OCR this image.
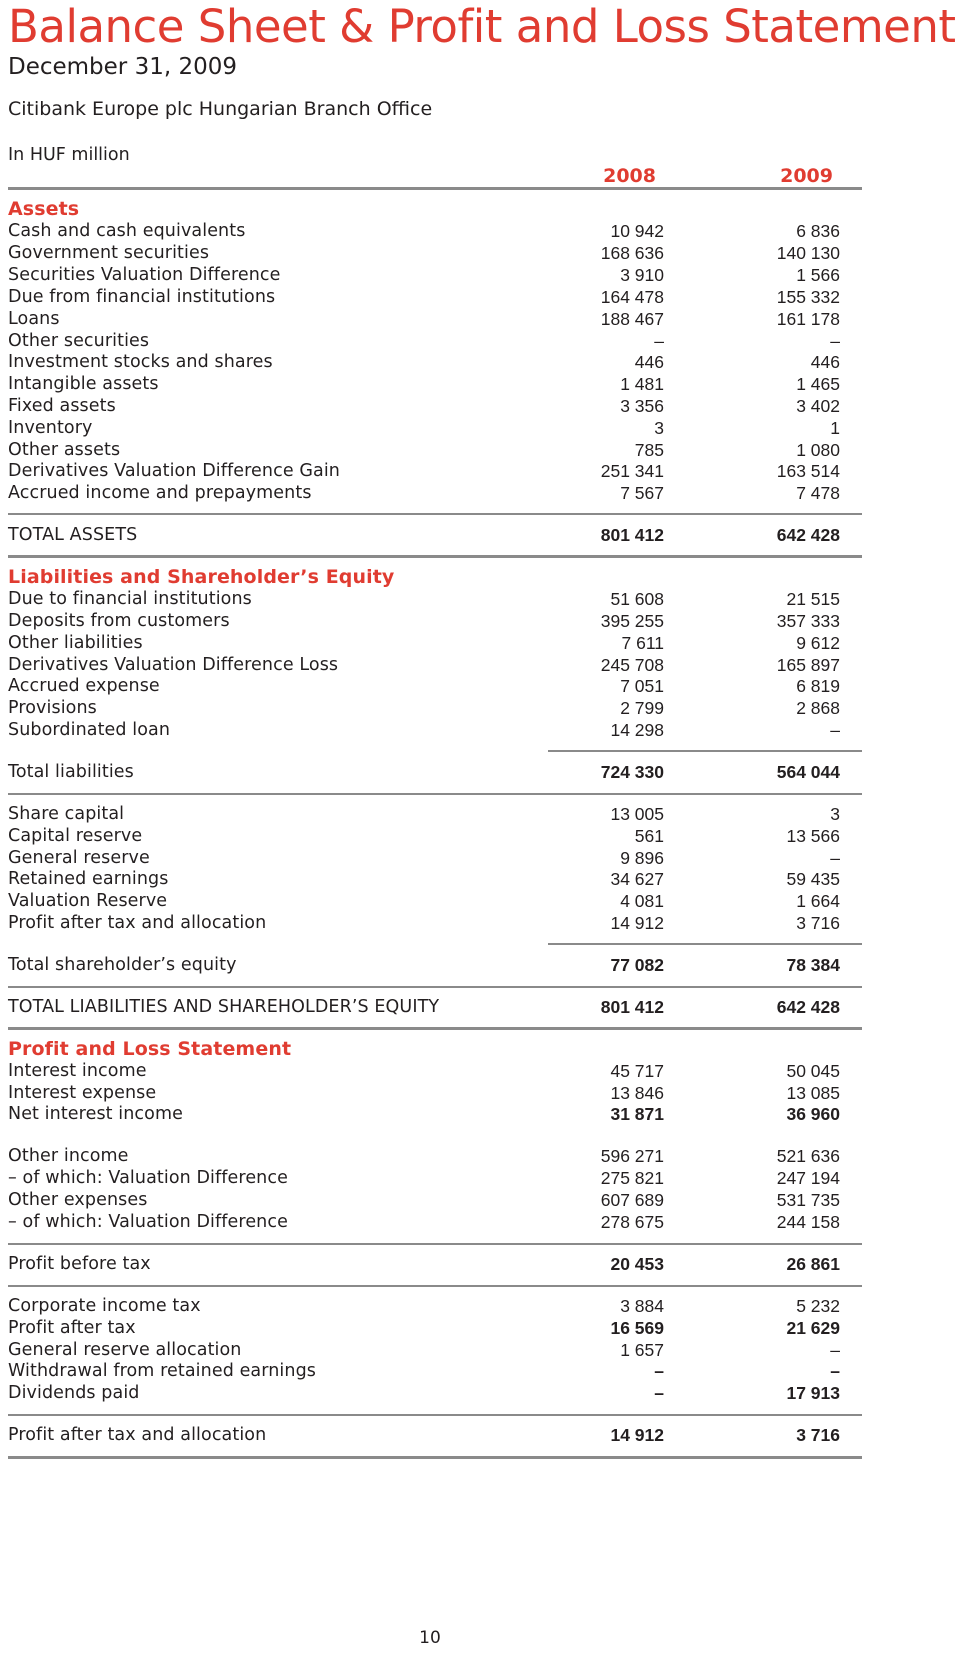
Balance Sheet & Profit and Loss Statement
December 31, 2009
Citibank Europe plc Hungarian Branch Office
In HUF million
2008	2009
Assets
Cash and cash equivalents	10 942	6 836
Government securities	168 636	140 130
Securities Valuation Difference	3 910	1 566
Due from financial institutions	164 478	155 332
Loans	188 467	161 178
Other securities	–	–
Investment stocks and shares	446	446
Intangible assets	1 481	1 465
Fixed assets	3 356	3 402
Inventory	3	1
Other assets	785	1 080
Derivatives Valuation Difference Gain	251 341	163 514
Accrued income and prepayments	7 567	7 478
TOTAL ASSETS	801 412	642 428
Liabilities and Shareholder’s Equity
Due to financial institutions	51 608	21 515
Deposits from customers	395 255	357 333
Other liabilities	7 611	9 612
Derivatives Valuation Difference Loss	245 708	165 897
Accrued expense	7 051	6 819
Provisions	2 799	2 868
Subordinated loan	14 298	–
Total liabilities	724 330	564 044
Share capital	13 005	3
Capital reserve	561	13 566
General reserve	9 896	–
Retained earnings	34 627	59 435
Valuation Reserve	4 081	1 664
Profit after tax and allocation	14 912	3 716
Total shareholder’s equity	77 082	78 384
TOTAL LIABILITIES AND SHAREHOLDER’S EQUITY	801 412	642 428
Profit and Loss Statement
Interest income	45 717	50 045
Interest expense	13 846	13 085
Net interest income	31 871	36 960
Other income	596 271	521 636
– of which: Valuation Difference	275 821	247 194
Other expenses	607 689	531 735
– of which: Valuation Difference	278 675	244 158
Profit before tax	20 453	26 861
Corporate income tax	3 884	5 232
Profit after tax	16 569	21 629
General reserve allocation	1 657	–
Withdrawal from retained earnings	–	–
Dividends paid	–	17 913
Profit after tax and allocation	14 912	3 716
10
